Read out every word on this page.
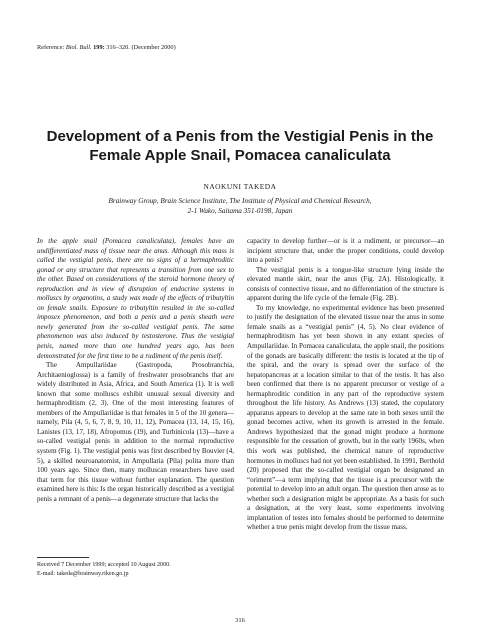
Reference: Biol. Bull. 199: 316–320. (December 2000)
Development of a Penis from the Vestigial Penis in the
Female Apple Snail, Pomacea canaliculata
NAOKUNI TAKEDA
Brainway Group, Brain Science Institute, The Institute of Physical and Chemical Research,
2-1 Wako, Saitama 351-0198, Japan

In the apple snail (Pomacea canaliculata), females have an undifferentiated mass of tissue near the anus. Although this mass is called the vestigial penis, there are no signs of a hermaphroditic gonad or any structure that represents a transition from one sex to the other. Based on considerations of the steroid hormone theory of reproduction and in view of disruption of endocrine systems in molluscs by organotins, a study was made of the effects of tributyltin on female snails. Exposure to tributyltin resulted in the so-called imposex phenomenon, and both a penis and a penis sheath were newly generated from the so-called vestigial penis. The same phenomenon was also induced by testosterone. Thus the vestigial penis, named more than one hundred years ago, has been demonstrated for the first time to be a rudiment of the penis itself.

The Ampullariidae (Gastropoda, Prosobranchia, Architaenioglossa) is a family of freshwater prosobranchs that are widely distributed in Asia, Africa, and South America (1). It is well known that some molluscs exhibit unusual sexual diversity and hermaphroditism (2, 3). One of the most interesting features of members of the Ampullariidae is that females in 5 of the 10 genera—namely, Pila (4, 5, 6, 7, 8, 9, 10, 11, 12), Pomacea (13, 14, 15, 16), Lanistes (13, 17, 18), Afropomus (19), and Turbinicola (13)—have a so-called vestigial penis in addition to the normal reproductive system (Fig. 1). The vestigial penis was first described by Bouvier (4, 5), a skilled neuroanatomist, in Ampullaria (Pila) polita more than 100 years ago. Since then, many molluscan researchers have used that term for this tissue without further explanation. The question examined here is this: Is the organ historically described as a vestigial penis a remnant of a penis—a degenerate structure that lacks the

capacity to develop further—or is it a rudiment, or precursor—an incipient structure that, under the proper conditions, could develop into a penis?

The vestigial penis is a tongue-like structure lying inside the elevated mantle skirt, near the anus (Fig. 2A). Histologically, it consists of connective tissue, and no differentiation of the structure is apparent during the life cycle of the female (Fig. 2B).

To my knowledge, no experimental evidence has been presented to justify the designation of the elevated tissue near the anus in some female snails as a “vestigial penis” (4, 5). No clear evidence of hermaphroditism has yet been shown in any extant species of Ampullariidae. In Pomacea canaliculata, the apple snail, the positions of the gonads are basically different: the testis is located at the tip of the spiral, and the ovary is spread over the surface of the hepatopancreas at a location similar to that of the testis. It has also been confirmed that there is no apparent precursor or vestige of a hermaphroditic condition in any part of the reproductive system throughout the life history. As Andrews (13) stated, the copulatory apparatus appears to develop at the same rate in both sexes until the gonad becomes active, when its growth is arrested in the female. Andrews hypothesized that the gonad might produce a hormone responsible for the cessation of growth, but in the early 1960s, when this work was published, the chemical nature of reproductive hormones in molluscs had not yet been established. In 1991, Berthold (20) proposed that the so-called vestigial organ be designated an “oriment”—a term implying that the tissue is a precursor with the potential to develop into an adult organ. The question then arose as to whether such a designation might be appropriate. As a basis for such a designation, at the very least, some experiments involving implantation of testes into females should be performed to determine whether a true penis might develop from the tissue mass.

Received 7 December 1999; accepted 10 August 2000.
E-mail: takeda@brainway.riken.go.jp
316
